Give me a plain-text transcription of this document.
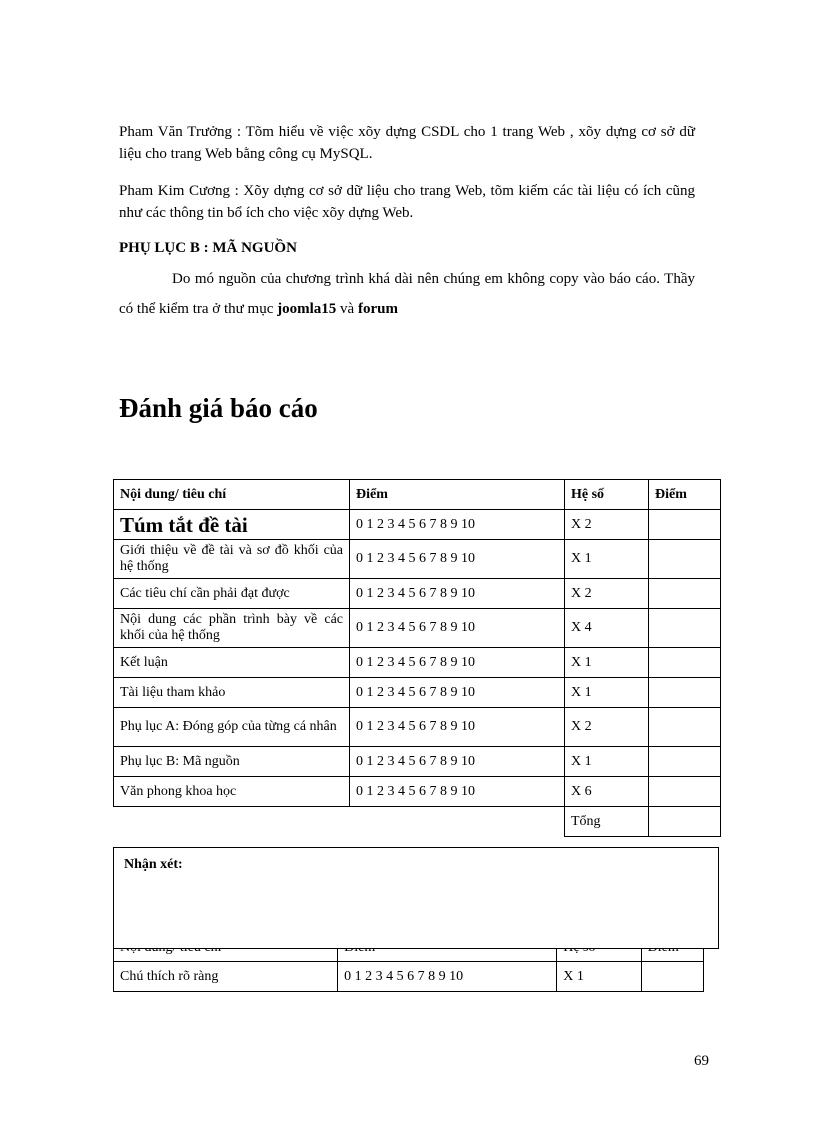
Pham Văn Trưởng : Tõm hiểu về việc xõy dựng CSDL cho 1 trang Web , xõy dựng cơ sở dữ liệu cho trang Web bằng công cụ MySQL.
Pham Kim Cương : Xõy dựng cơ sở dữ liệu cho trang Web, tõm kiếm các tài liệu có ích cũng như các thông tin bổ ích cho việc xõy dựng Web.
PHỤ LỤC B : MÃ NGUỒN
Do mó nguồn của chương trình khá dài nên chúng em không copy vào báo cáo. Thầy có thể kiểm tra ở thư mục joomla15 và forum
Đánh giá báo cáo
Nội dung/ tiêu chí	Điểm	Hệ số	Điểm
Túm tắt đề tài	0 1 2 3 4 5 6 7 8 9 10	X 2	
Giới thiệu về đề tài và sơ đồ khối của hệ thống	0 1 2 3 4 5 6 7 8 9 10	X 1	
Các tiêu chí cần phải đạt được	0 1 2 3 4 5 6 7 8 9 10	X 2	
Nội dung các phần trình bày về các khối của hệ thống	0 1 2 3 4 5 6 7 8 9 10	X 4	
Kết luận	0 1 2 3 4 5 6 7 8 9 10	X 1	
Tài liệu tham khảo	0 1 2 3 4 5 6 7 8 9 10	X 1	
Phụ lục A: Đóng góp của từng cá nhân	0 1 2 3 4 5 6 7 8 9 10	X 2	
Phụ lục B: Mã nguồn	0 1 2 3 4 5 6 7 8 9 10	X 1	
Văn phong khoa học	0 1 2 3 4 5 6 7 8 9 10	X 6	
		Tổng	

Chú thích rõ ràng	0 1 2 3 4 5 6 7 8 9 10	X 1	
Nhận xét:
69
